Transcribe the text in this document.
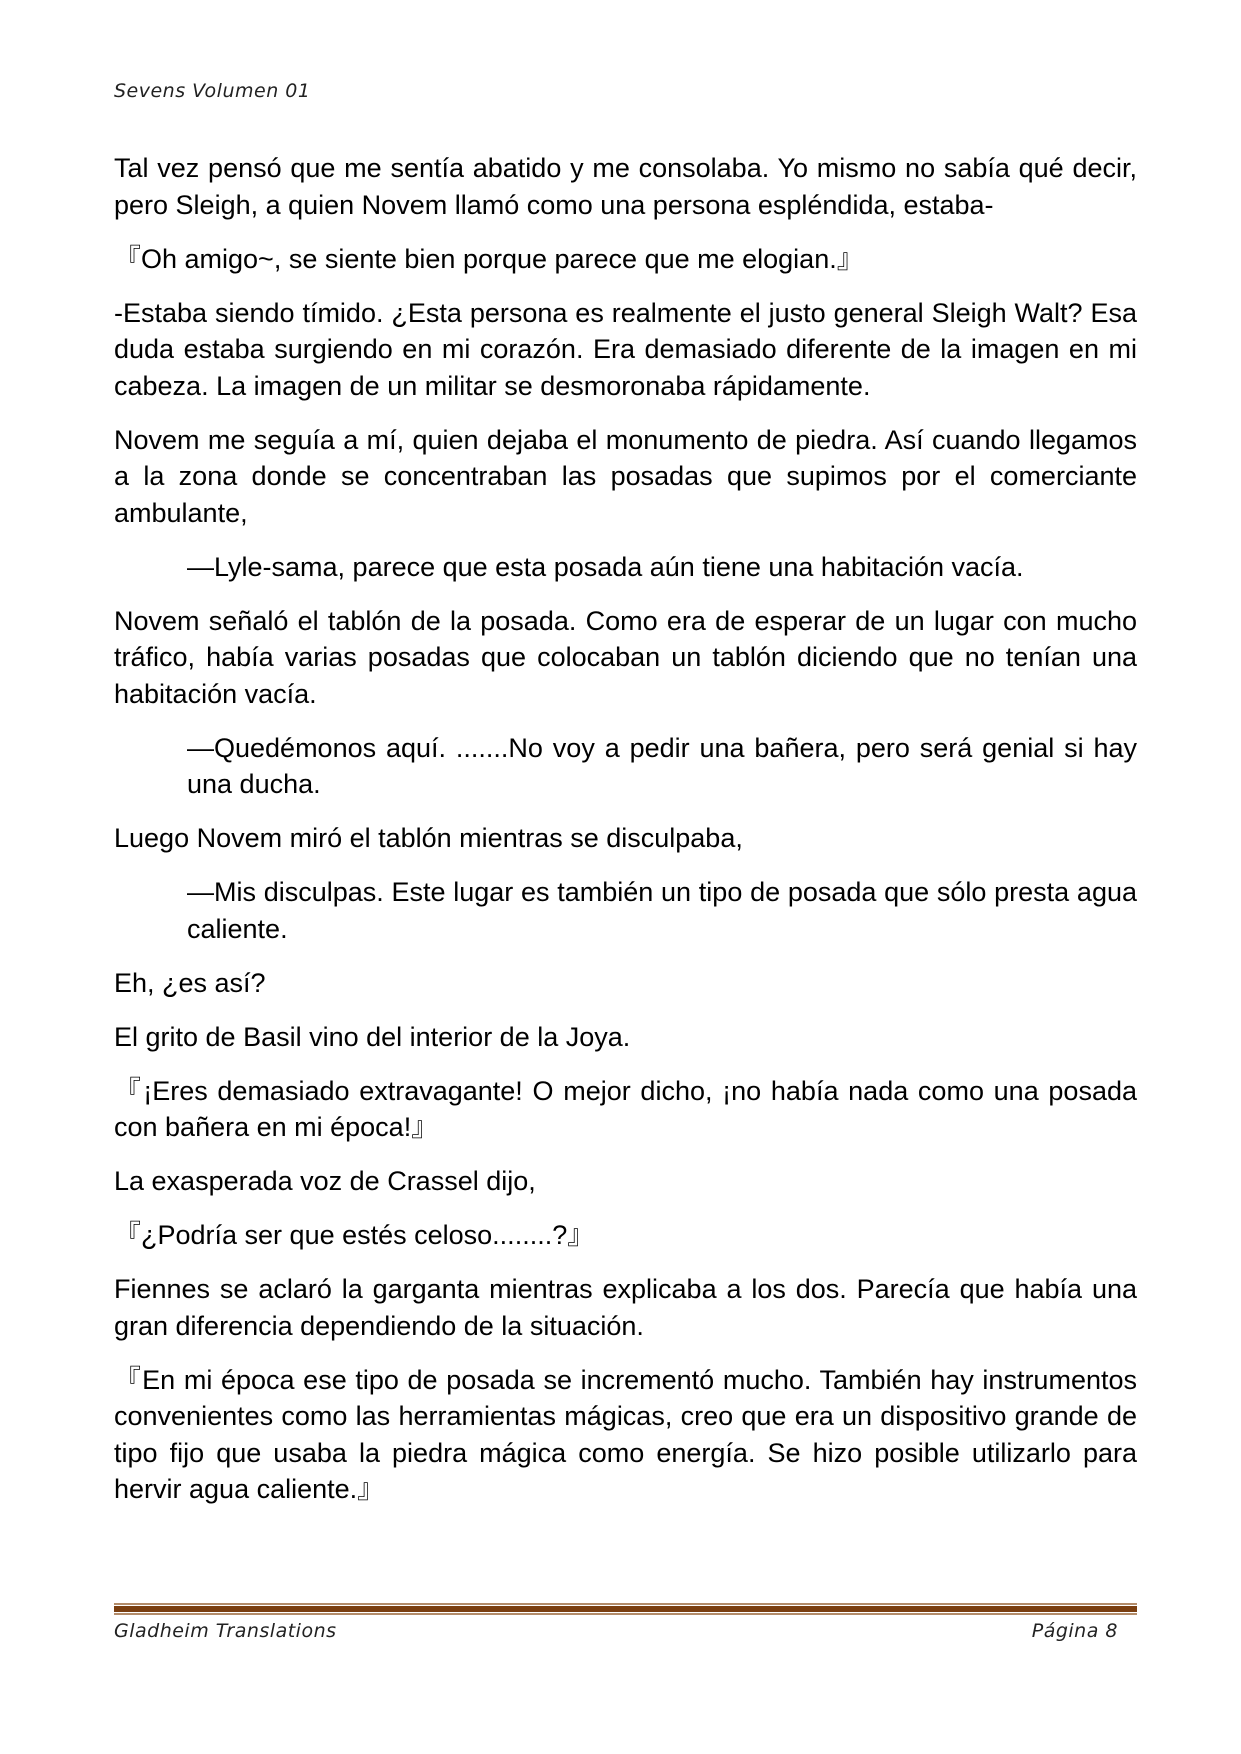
Sevens Volumen 01

Tal vez pensó que me sentía abatido y me consolaba. Yo mismo no sabía qué decir, pero Sleigh, a quien Novem llamó como una persona espléndida, estaba-

『Oh amigo~, se siente bien porque parece que me elogian.』

-Estaba siendo tímido. ¿Esta persona es realmente el justo general Sleigh Walt? Esa duda estaba surgiendo en mi corazón. Era demasiado diferente de la imagen en mi cabeza. La imagen de un militar se desmoronaba rápidamente.

Novem me seguía a mí, quien dejaba el monumento de piedra. Así cuando llegamos a la zona donde se concentraban las posadas que supimos por el comerciante ambulante,

—Lyle-sama, parece que esta posada aún tiene una habitación vacía.

Novem señaló el tablón de la posada. Como era de esperar de un lugar con mucho tráfico, había varias posadas que colocaban un tablón diciendo que no tenían una habitación vacía.

—Quedémonos aquí. .......No voy a pedir una bañera, pero será genial si hay una ducha.

Luego Novem miró el tablón mientras se disculpaba,

—Mis disculpas. Este lugar es también un tipo de posada que sólo presta agua caliente.

Eh, ¿es así?

El grito de Basil vino del interior de la Joya.

『¡Eres demasiado extravagante! O mejor dicho, ¡no había nada como una posada con bañera en mi época!』

La exasperada voz de Crassel dijo,

『¿Podría ser que estés celoso........?』

Fiennes se aclaró la garganta mientras explicaba a los dos. Parecía que había una gran diferencia dependiendo de la situación.

『En mi época ese tipo de posada se incrementó mucho. También hay instrumentos convenientes como las herramientas mágicas, creo que era un dispositivo grande de tipo fijo que usaba la piedra mágica como energía. Se hizo posible utilizarlo para hervir agua caliente.』

Gladheim Translations	Página 8
